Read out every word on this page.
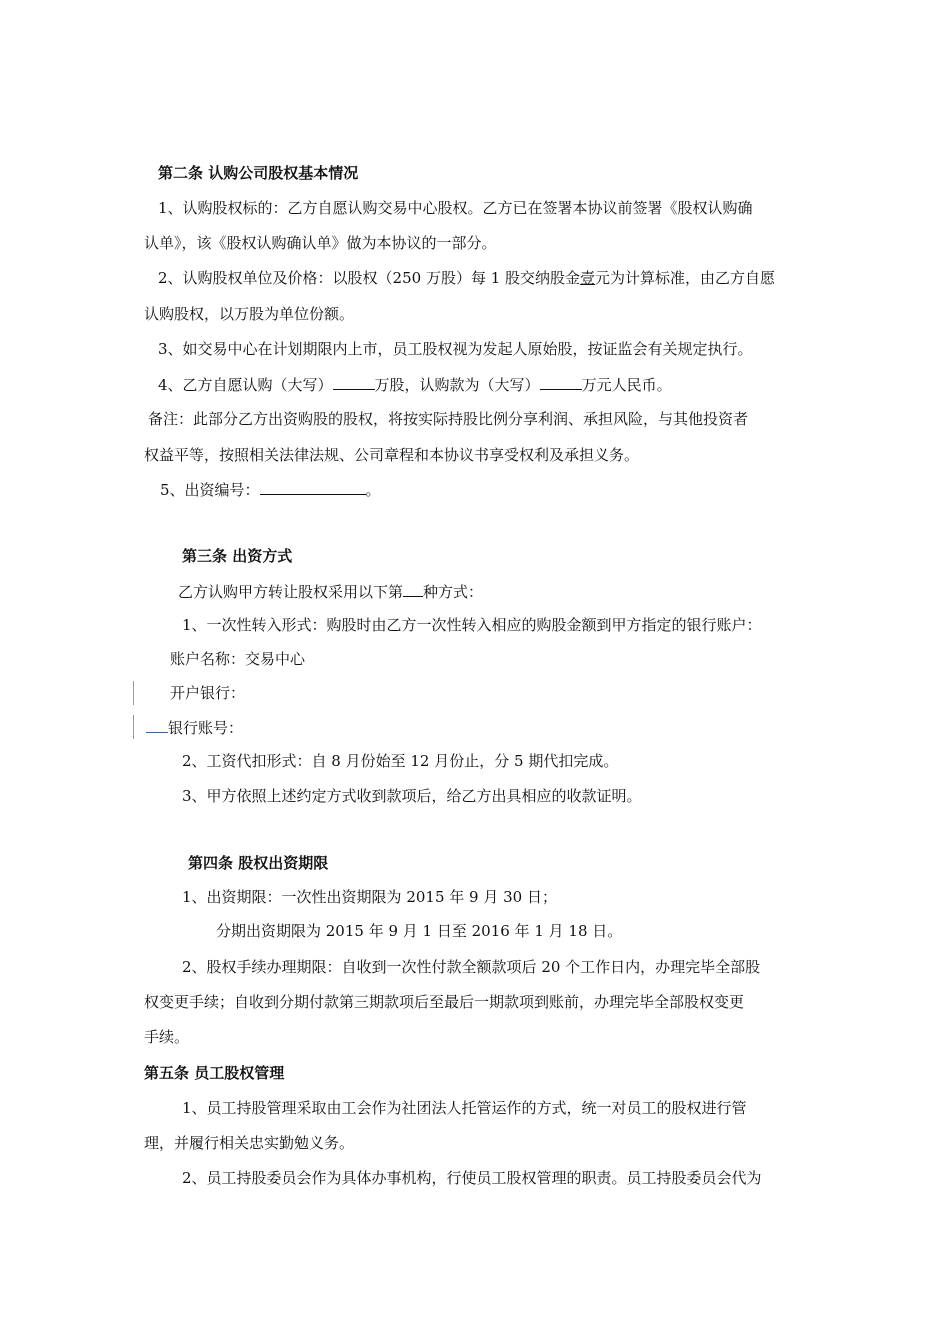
第二条 认购公司股权基本情况
1、认购股权标的：乙方自愿认购交易中心股权。乙方已在签署本协议前签署《股权认购确
认单》，该《股权认购确认单》做为本协议的一部分。
2、认购股权单位及价格：以股权（250 万股）每 1 股交纳股金壹元为计算标准，由乙方自愿
认购股权，以万股为单位份额。
3、如交易中心在计划期限内上市，员工股权视为发起人原始股，按证监会有关规定执行。
4、乙方自愿认购（大写）	万股，认购款为（大写）	万元人民币。
备注：此部分乙方出资购股的股权，将按实际持股比例分享利润、承担风险，与其他投资者
权益平等，按照相关法律法规、公司章程和本协议书享受权利及承担义务。
5、出资编号：	。
第三条 出资方式
乙方认购甲方转让股权采用以下第 种方式：
1、一次性转入形式：购股时由乙方一次性转入相应的购股金额到甲方指定的银行账户：
账户名称：交易中心
开户银行：
银行账号：
2、工资代扣形式：自 8 月份始至 12 月份止，分 5 期代扣完成。
3、甲方依照上述约定方式收到款项后，给乙方出具相应的收款证明。
第四条 股权出资期限
1、出资期限：一次性出资期限为 2015 年 9 月 30 日；
分期出资期限为 2015 年 9 月 1 日至 2016 年 1 月 18 日。
2、股权手续办理期限：自收到一次性付款全额款项后 20 个工作日内，办理完毕全部股
权变更手续；自收到分期付款第三期款项后至最后一期款项到账前，办理完毕全部股权变更
手续。
第五条 员工股权管理
1、员工持股管理采取由工会作为社团法人托管运作的方式，统一对员工的股权进行管
理，并履行相关忠实勤勉义务。
2、员工持股委员会作为具体办事机构，行使员工股权管理的职责。员工持股委员会代为
